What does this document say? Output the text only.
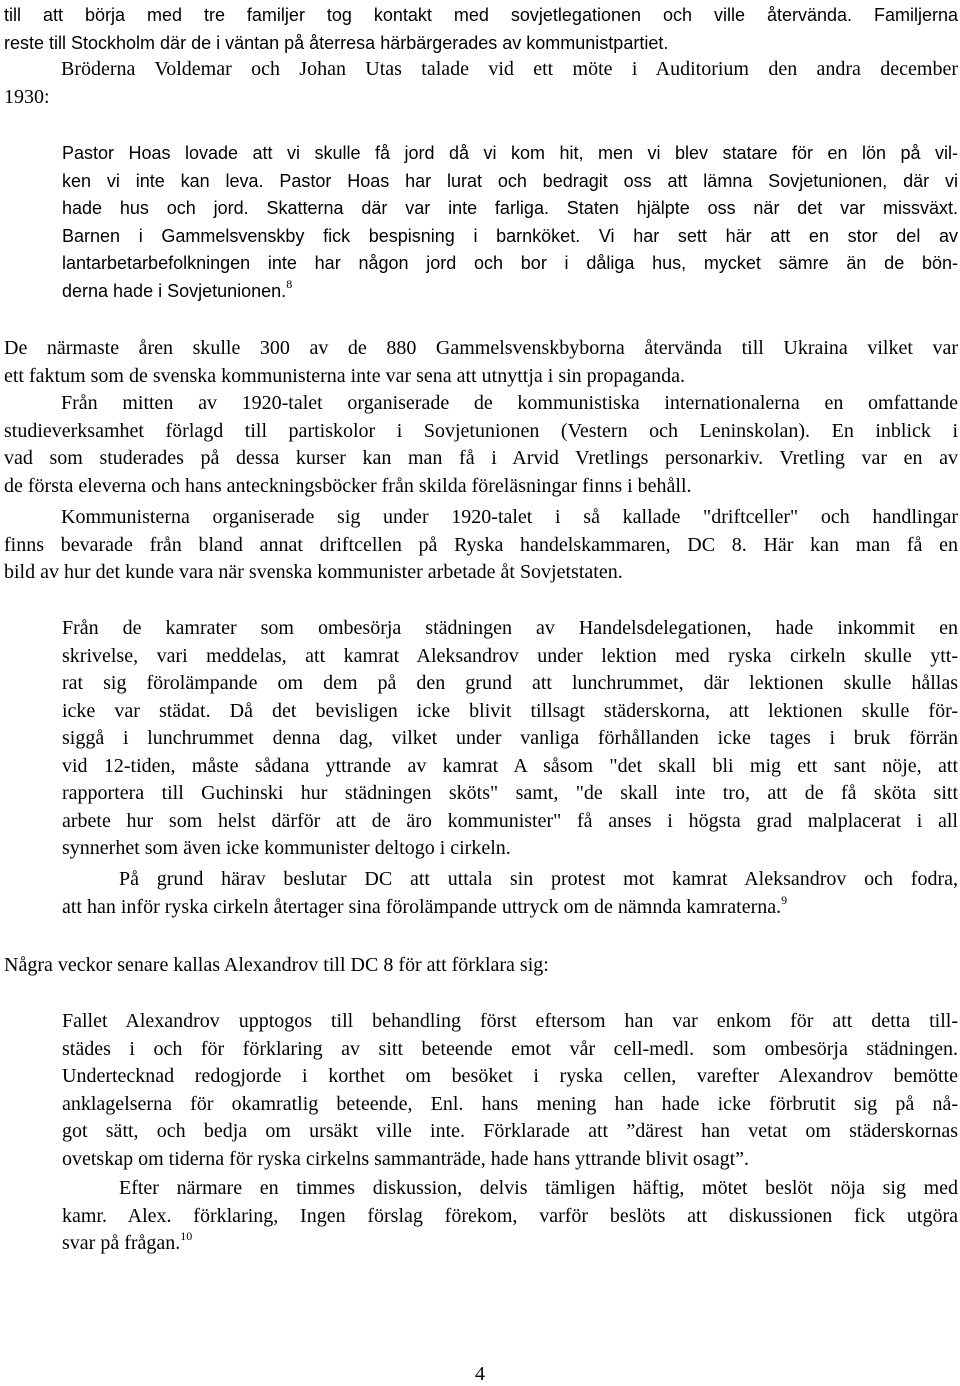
till att börja med tre familjer tog kontakt med sovjetlegationen och ville återvända. Familjerna
reste till Stockholm där de i väntan på återresa härbärgerades av kommunistpartiet.
Bröderna Voldemar och Johan Utas talade vid ett möte i Auditorium den andra december
1930:
Pastor Hoas lovade att vi skulle få jord då vi kom hit, men vi blev statare för en lön på vil-
ken vi inte kan leva. Pastor Hoas har lurat och bedragit oss att lämna Sovjetunionen, där vi
hade hus och jord. Skatterna där var inte farliga. Staten hjälpte oss när det var missväxt.
Barnen i Gammelsvenskby fick bespisning i barnköket. Vi har sett här att en stor del av
lantarbetarbefolkningen inte har någon jord och bor i dåliga hus, mycket sämre än de bön-
derna hade i Sovjetunionen.$^8$
De närmaste åren skulle 300 av de 880 Gammelsvenskbyborna återvända till Ukraina vilket var
ett faktum som de svenska kommunisterna inte var sena att utnyttja i sin propaganda.
Från mitten av 1920-talet organiserade de kommunistiska internationalerna en omfattande
studieverksamhet förlagd till partiskolor i Sovjetunionen (Vestern och Leninskolan). En inblick i
vad som studerades på dessa kurser kan man få i Arvid Vretlings personarkiv. Vretling var en av
de första eleverna och hans anteckningsböcker från skilda föreläsningar finns i behåll.
Kommunisterna organiserade sig under 1920-talet i så kallade "driftceller" och handlingar
finns bevarade från bland annat driftcellen på Ryska handelskammaren, DC 8. Här kan man få en
bild av hur det kunde vara när svenska kommunister arbetade åt Sovjetstaten.
Från de kamrater som ombesörja städningen av Handelsdelegationen, hade inkommit en
skrivelse, vari meddelas, att kamrat Aleksandrov under lektion med ryska cirkeln skulle ytt-
rat sig förolämpande om dem på den grund att lunchrummet, där lektionen skulle hållas
icke var städat. Då det bevisligen icke blivit tillsagt städerskorna, att lektionen skulle för-
siggå i lunchrummet denna dag, vilket under vanliga förhållanden icke tages i bruk förrän
vid 12-tiden, måste sådana yttrande av kamrat A såsom "det skall bli mig ett sant nöje, att
rapportera till Guchinski hur städningen sköts" samt, "de skall inte tro, att de få sköta sitt
arbete hur som helst därför att de äro kommunister" få anses i högsta grad malplacerat i all
synnerhet som även icke kommunister deltogo i cirkeln.
På grund härav beslutar DC att uttala sin protest mot kamrat Aleksandrov och fodra,
att han inför ryska cirkeln återtager sina förolämpande uttryck om de nämnda kamraterna.$^9$
Några veckor senare kallas Alexandrov till DC 8 för att förklara sig:
Fallet Alexandrov upptogos till behandling först eftersom han var enkom för att detta till-
städes i och för förklaring av sitt beteende emot vår cell-medl. som ombesörja städningen.
Undertecknad redogjorde i korthet om besöket i ryska cellen, varefter Alexandrov bemötte
anklagelserna för okamratlig beteende, Enl. hans mening han hade icke förbrutit sig på nå-
got sätt, och bedja om ursäkt ville inte. Förklarade att ”därest han vetat om städerskornas
ovetskap om tiderna för ryska cirkelns sammanträde, hade hans yttrande blivit osagt”.
Efter närmare en timmes diskussion, delvis tämligen häftig, mötet beslöt nöja sig med
kamr. Alex. förklaring, Ingen förslag förekom, varför beslöts att diskussionen fick utgöra
svar på frågan.$^{10}$
4
